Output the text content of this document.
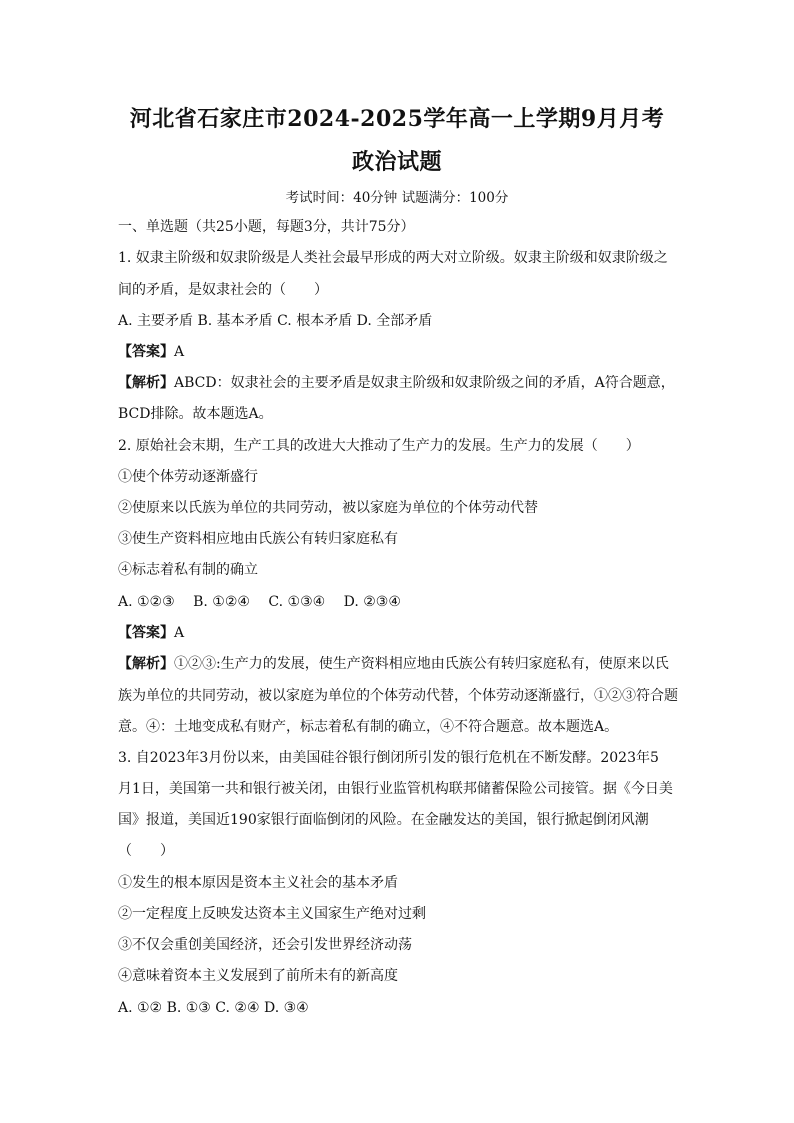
河北省石家庄市2024-2025学年高一上学期9月月考
政治试题
考试时间：40分钟 试题满分：100分
一、单选题（共25小题，每题3分，共计75分）
1. 奴隶主阶级和奴隶阶级是人类社会最早形成的两大对立阶级。奴隶主阶级和奴隶阶级之
间的矛盾，是奴隶社会的（　　）
A. 主要矛盾 B. 基本矛盾 C. 根本矛盾 D. 全部矛盾
【答案】A
【解析】ABCD：奴隶社会的主要矛盾是奴隶主阶级和奴隶阶级之间的矛盾，A符合题意，
BCD排除。故本题选A。
2. 原始社会末期，生产工具的改进大大推动了生产力的发展。生产力的发展（　　）
①使个体劳动逐渐盛行
②使原来以氏族为单位的共同劳动，被以家庭为单位的个体劳动代替
③使生产资料相应地由氏族公有转归家庭私有
④标志着私有制的确立
A. ①②③　 B. ①②④　 C. ①③④　 D. ②③④
【答案】A
【解析】①②③:生产力的发展，使生产资料相应地由氏族公有转归家庭私有，使原来以氏
族为单位的共同劳动，被以家庭为单位的个体劳动代替，个体劳动逐渐盛行，①②③符合题
意。④：土地变成私有财产，标志着私有制的确立，④不符合题意。故本题选A。
3. 自2023年3月份以来，由美国硅谷银行倒闭所引发的银行危机在不断发酵。2023年5
月1日，美国第一共和银行被关闭，由银行业监管机构联邦储蓄保险公司接管。据《今日美
国》报道，美国近190家银行面临倒闭的风险。在金融发达的美国，银行掀起倒闭风潮
（　　）
①发生的根本原因是资本主义社会的基本矛盾
②一定程度上反映发达资本主义国家生产绝对过剩
③不仅会重创美国经济，还会引发世界经济动荡
④意味着资本主义发展到了前所未有的新高度
A. ①② B. ①③ C. ②④ D. ③④
